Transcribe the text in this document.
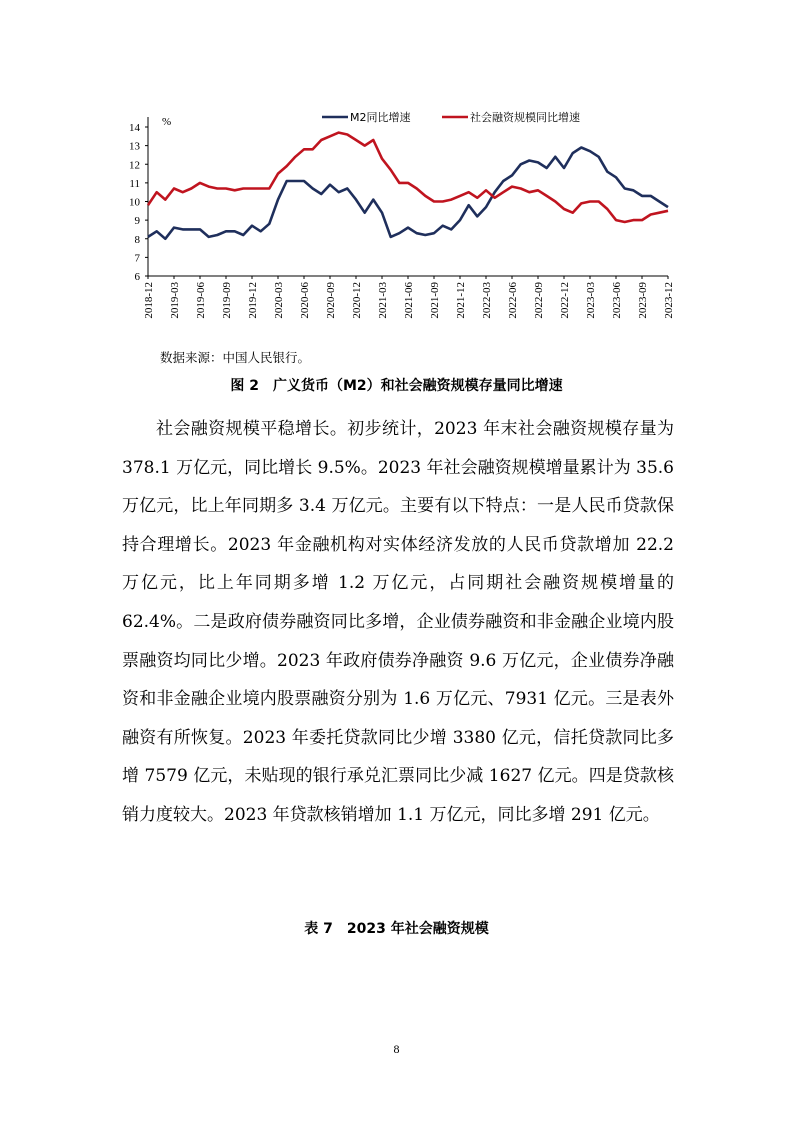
6
7
8
9
10
11
12
13
14 %
2018-12 2019-03 2019-06 2019-09 2019-12 2020-03 2020-06 2020-09 2020-12 2021-03 2021-06 2021-09 2021-12 2022-03 2022-06 2022-09 2022-12 2023-03 2023-06 2023-09 2023-12
M2同比增速	社会融资规模同比增速
数据来源：中国人民银行。
图 2　广义货币（M2）和社会融资规模存量同比增速

社会融资规模平稳增长。初步统计，2023 年末社会融资规模存量为 378.1 万亿元，同比增长 9.5%。2023 年社会融资规模增量累计为 35.6 万亿元，比上年同期多 3.4 万亿元。主要有以下特点：一是人民币贷款保持合理增长。2023 年金融机构对实体经济发放的人民币贷款增加 22.2 万亿元，比上年同期多增 1.2 万亿元，占同期社会融资规模增量的 62.4%。二是政府债券融资同比多增，企业债券融资和非金融企业境内股票融资均同比少增。2023 年政府债券净融资 9.6 万亿元，企业债券净融资和非金融企业境内股票融资分别为 1.6 万亿元、7931 亿元。三是表外融资有所恢复。2023 年委托贷款同比少增 3380 亿元，信托贷款同比多增 7579 亿元，未贴现的银行承兑汇票同比少减 1627 亿元。四是贷款核销力度较大。2023 年贷款核销增加 1.1 万亿元，同比多增 291 亿元。

表 7　2023 年社会融资规模
8
